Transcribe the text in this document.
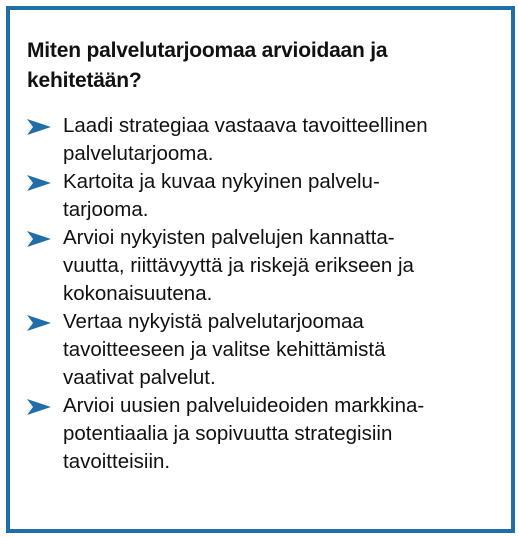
Miten palvelutarjoomaa arvioidaan ja
kehitetään?
Laadi strategiaa vastaava tavoitteellinen
palvelutarjooma.
Kartoita ja kuvaa nykyinen palvelu-
tarjooma.
Arvioi nykyisten palvelujen kannatta-
vuutta, riittävyyttä ja riskejä erikseen ja
kokonaisuutena.
Vertaa nykyistä palvelutarjoomaa
tavoitteeseen ja valitse kehittämistä
vaativat palvelut.
Arvioi uusien palveluideoiden markkina-
potentiaalia ja sopivuutta strategisiin
tavoitteisiin.
